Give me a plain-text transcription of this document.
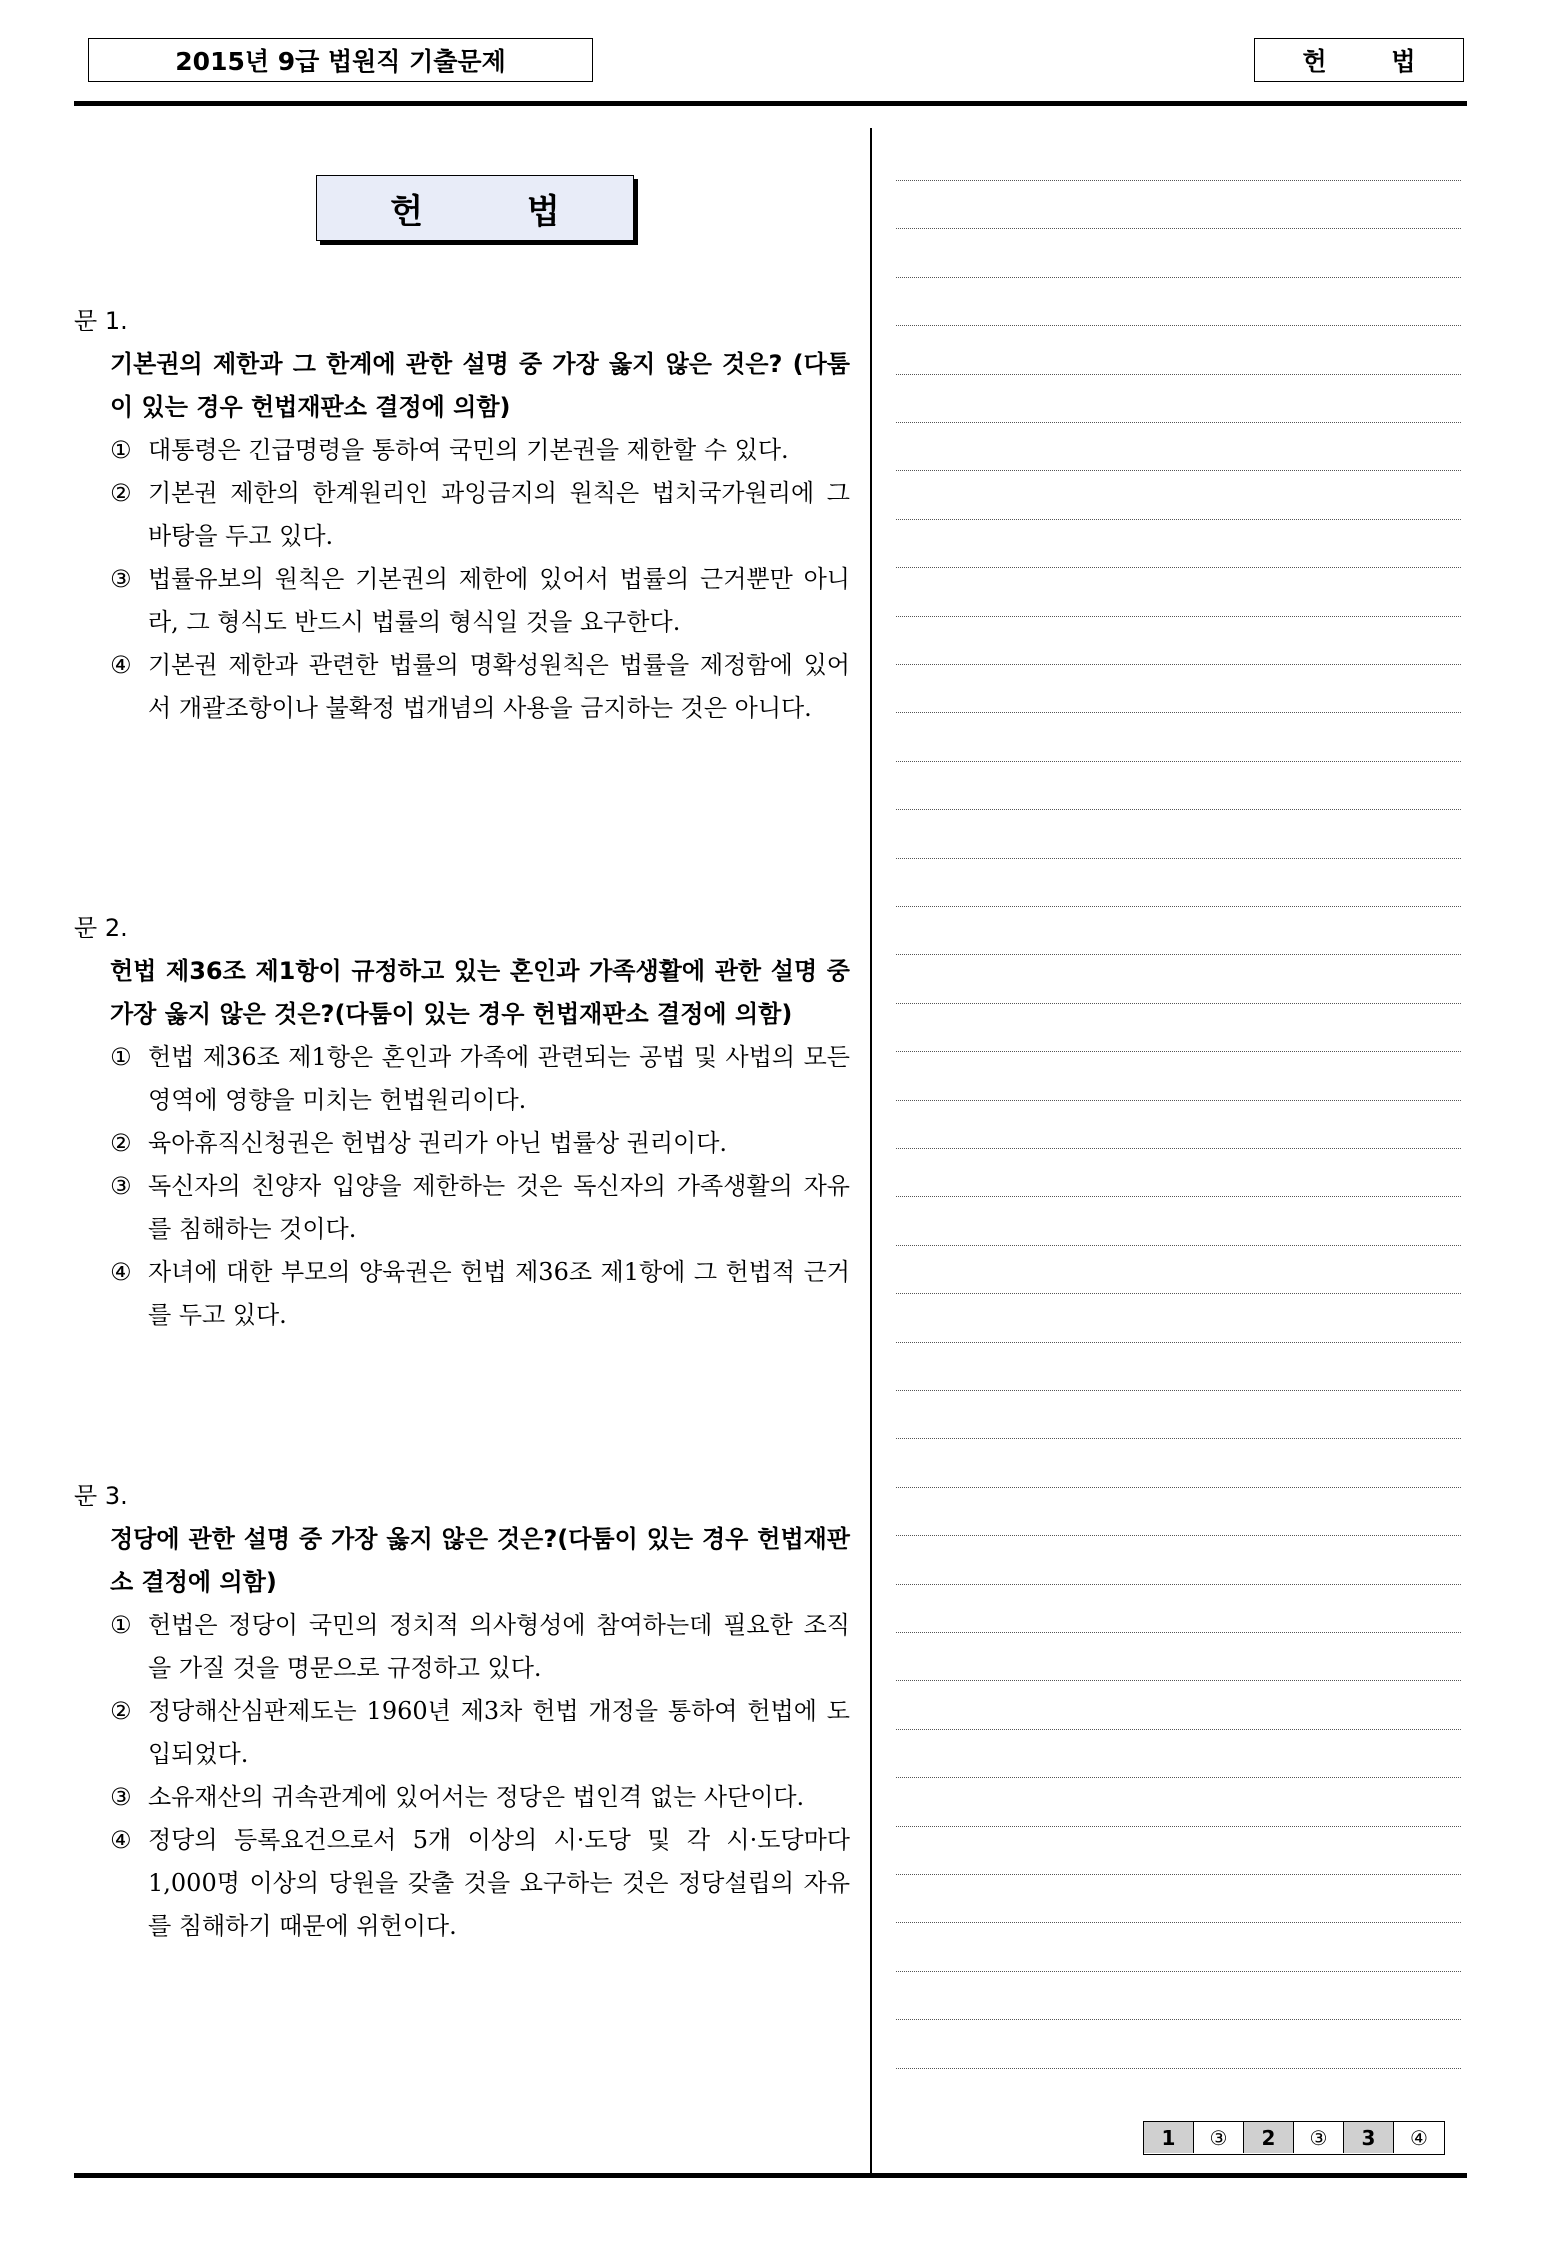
2015년 9급 법원직 기출문제	헌 법
헌 법
문 1.
기본권의 제한과 그 한계에 관한 설명 중 가장 옳지 않은 것은? (다툼이 있는 경우 헌법재판소 결정에 의함)
① 대통령은 긴급명령을 통하여 국민의 기본권을 제한할 수 있다.
② 기본권 제한의 한계원리인 과잉금지의 원칙은 법치국가원리에 그 바탕을 두고 있다.
③ 법률유보의 원칙은 기본권의 제한에 있어서 법률의 근거뿐만 아니라, 그 형식도 반드시 법률의 형식일 것을 요구한다.
④ 기본권 제한과 관련한 법률의 명확성원칙은 법률을 제정함에 있어서 개괄조항이나 불확정 법개념의 사용을 금지하는 것은 아니다.
문 2.
헌법 제36조 제1항이 규정하고 있는 혼인과 가족생활에 관한 설명 중 가장 옳지 않은 것은?(다툼이 있는 경우 헌법재판소 결정에 의함)
① 헌법 제36조 제1항은 혼인과 가족에 관련되는 공법 및 사법의 모든 영역에 영향을 미치는 헌법원리이다.
② 육아휴직신청권은 헌법상 권리가 아닌 법률상 권리이다.
③ 독신자의 친양자 입양을 제한하는 것은 독신자의 가족생활의 자유를 침해하는 것이다.
④ 자녀에 대한 부모의 양육권은 헌법 제36조 제1항에 그 헌법적 근거를 두고 있다.
문 3.
정당에 관한 설명 중 가장 옳지 않은 것은?(다툼이 있는 경우 헌법재판소 결정에 의함)
① 헌법은 정당이 국민의 정치적 의사형성에 참여하는데 필요한 조직을 가질 것을 명문으로 규정하고 있다.
② 정당해산심판제도는 1960년 제3차 헌법 개정을 통하여 헌법에 도입되었다.
③ 소유재산의 귀속관계에 있어서는 정당은 법인격 없는 사단이다.
④ 정당의 등록요건으로서 5개 이상의 시·도당 및 각 시·도당마다 1,000명 이상의 당원을 갖출 것을 요구하는 것은 정당설립의 자유를 침해하기 때문에 위헌이다.
1	③	2	③	3	④
